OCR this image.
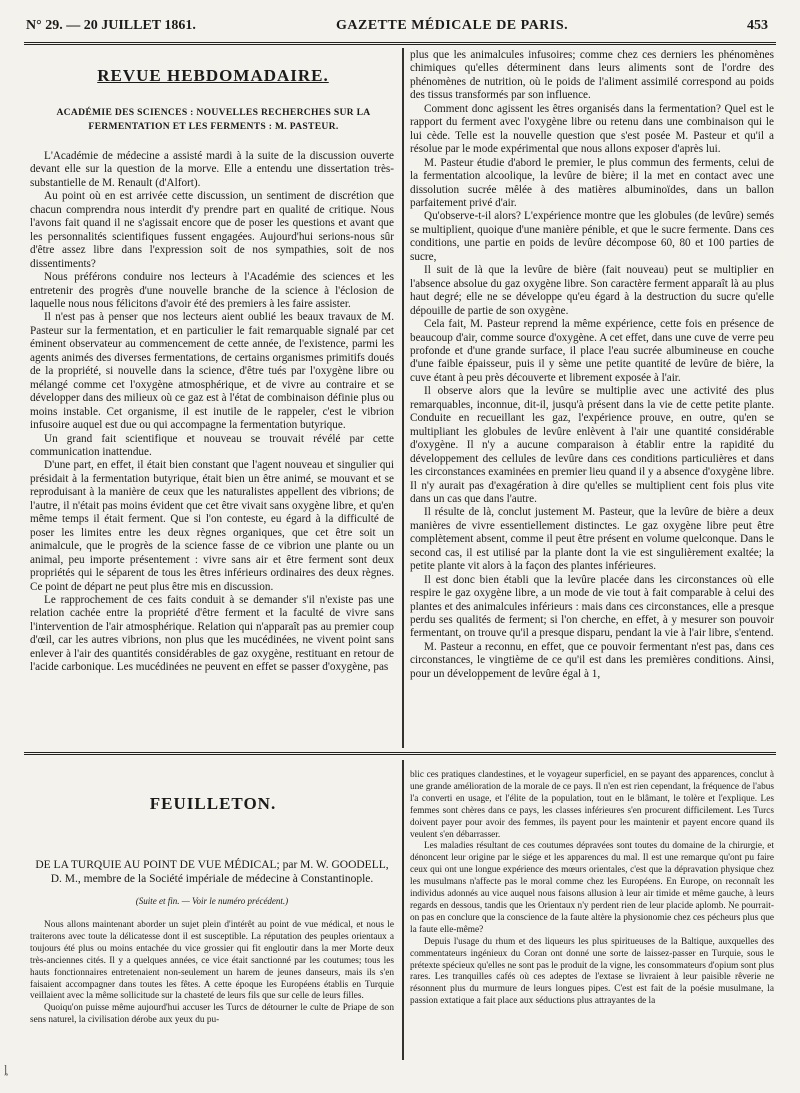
N° 29. — 20 JUILLET 1861.	GAZETTE MÉDICALE DE PARIS.	453
REVUE HEBDOMADAIRE.
ACADÉMIE DES SCIENCES : NOUVELLES RECHERCHES SUR LA FERMENTATION ET LES FERMENTS : M. PASTEUR.

L'Académie de médecine a assisté mardi à la suite de la discussion ouverte devant elle sur la question de la morve. Elle a entendu une dissertation très-substantielle de M. Renault (d'Alfort).

Au point où en est arrivée cette discussion, un sentiment de discrétion que chacun comprendra nous interdit d'y prendre part en qualité de critique. Nous l'avons fait quand il ne s'agissait encore que de poser les questions et avant que les personnalités scientifiques fussent engagées. Aujourd'hui serions-nous sûr d'être assez libre dans l'expression soit de nos sympathies, soit de nos dissentiments?

Nous préférons conduire nos lecteurs à l'Académie des sciences et les entretenir des progrès d'une nouvelle branche de la science à l'éclosion de laquelle nous nous félicitons d'avoir été des premiers à les faire assister.

Il n'est pas à penser que nos lecteurs aient oublié les beaux travaux de M. Pasteur sur la fermentation, et en particulier le fait remarquable signalé par cet éminent observateur au commencement de cette année, de l'existence, parmi les agents animés des diverses fermentations, de certains organismes primitifs doués de la propriété, si nouvelle dans la science, d'être tués par l'oxygène libre ou mélangé comme cet l'oxygène atmosphérique, et de vivre au contraire et se développer dans des milieux où ce gaz est à l'état de combinaison définie plus ou moins instable. Cet organisme, il est inutile de le rappeler, c'est le vibrion infusoire auquel est due ou qui accompagne la fermentation butyrique.

Un grand fait scientifique et nouveau se trouvait révélé par cette communication inattendue.

D'une part, en effet, il était bien constant que l'agent nouveau et singulier qui présidait à la fermentation butyrique, était bien un être animé, se mouvant et se reproduisant à la manière de ceux que les naturalistes appellent des vibrions; de l'autre, il n'était pas moins évident que cet être vivait sans oxygène libre, et qu'en même temps il était ferment. Que si l'on conteste, eu égard à la difficulté de poser les limites entre les deux règnes organiques, que cet être soit un animalcule, que le progrès de la science fasse de ce vibrion une plante ou un animal, peu importe présentement : vivre sans air et être ferment sont deux propriétés qui le séparent de tous les êtres inférieurs ordinaires des deux règnes. Ce point de départ ne peut plus être mis en discussion.

Le rapprochement de ces faits conduit à se demander s'il n'existe pas une relation cachée entre la propriété d'être ferment et la faculté de vivre sans l'intervention de l'air atmosphérique. Relation qui n'apparaît pas au premier coup d'œil, car les autres vibrions, non plus que les mucédinées, ne vivent point sans enlever à l'air des quantités considérables de gaz oxygène, restituant en retour de l'acide carbonique. Les mucédinées ne peuvent en effet se passer d'oxygène, pas

plus que les animalcules infusoires; comme chez ces derniers les phénomènes chimiques qu'elles déterminent dans leurs aliments sont de l'ordre des phénomènes de nutrition, où le poids de l'aliment assimilé correspond au poids des tissus transformés par son influence.

Comment donc agissent les êtres organisés dans la fermentation? Quel est le rapport du ferment avec l'oxygène libre ou retenu dans une combinaison qui le lui cède. Telle est la nouvelle question que s'est posée M. Pasteur et qu'il a résolue par le mode expérimental que nous allons exposer d'après lui.

M. Pasteur étudie d'abord le premier, le plus commun des ferments, celui de la fermentation alcoolique, la levûre de bière; il la met en contact avec une dissolution sucrée mêlée à des matières albuminoïdes, dans un ballon parfaitement privé d'air.

Qu'observe-t-il alors? L'expérience montre que les globules (de levûre) semés se multiplient, quoique d'une manière pénible, et que le sucre fermente. Dans ces conditions, une partie en poids de levûre décompose 60, 80 et 100 parties de sucre,

Il suit de là que la levûre de bière (fait nouveau) peut se multiplier en l'absence absolue du gaz oxygène libre. Son caractère ferment apparaît là au plus haut degré; elle ne se développe qu'eu égard à la destruction du sucre qu'elle dépouille de partie de son oxygène.

Cela fait, M. Pasteur reprend la même expérience, cette fois en présence de beaucoup d'air, comme source d'oxygène. A cet effet, dans une cuve de verre peu profonde et d'une grande surface, il place l'eau sucrée albumineuse en couche d'une faible épaisseur, puis il y sème une petite quantité de levûre de bière, la cuve étant à peu près découverte et librement exposée à l'air.

Il observe alors que la levûre se multiplie avec une activité des plus remarquables, inconnue, dit-il, jusqu'à présent dans la vie de cette petite plante. Conduite en recueillant les gaz, l'expérience prouve, en outre, qu'en se multipliant les globules de levûre enlèvent à l'air une quantité considérable d'oxygène. Il n'y a aucune comparaison à établir entre la rapidité du développement des cellules de levûre dans ces conditions particulières et dans les circonstances examinées en premier lieu quand il y a absence d'oxygène libre. Il n'y aurait pas d'exagération à dire qu'elles se multiplient cent fois plus vite dans un cas que dans l'autre.

Il résulte de là, conclut justement M. Pasteur, que la levûre de bière a deux manières de vivre essentiellement distinctes. Le gaz oxygène libre peut être complètement absent, comme il peut être présent en volume quelconque. Dans le second cas, il est utilisé par la plante dont la vie est singulièrement exaltée; la petite plante vit alors à la façon des plantes inférieures.

Il est donc bien établi que la levûre placée dans les circonstances où elle respire le gaz oxygène libre, a un mode de vie tout à fait comparable à celui des plantes et des animalcules inférieurs : mais dans ces circonstances, elle a presque perdu ses qualités de ferment; si l'on cherche, en effet, à y mesurer son pouvoir fermentant, on trouve qu'il a presque disparu, pendant la vie à l'air libre, s'entend.

M. Pasteur a reconnu, en effet, que ce pouvoir fermentant n'est pas, dans ces circonstances, le vingtième de ce qu'il est dans les premières conditions. Ainsi, pour un développement de levûre égal à 1,

FEUILLETON.
DE LA TURQUIE AU POINT DE VUE MÉDICAL; par M. W. GOODELL, D. M., membre de la Société impériale de médecine à Constantinople.
(Suite et fin. — Voir le numéro précédent.)

Nous allons maintenant aborder un sujet plein d'intérêt au point de vue médical, et nous le traiterons avec toute la délicatesse dont il est susceptible. La réputation des peuples orientaux a toujours été plus ou moins entachée du vice grossier qui fit engloutir dans la mer Morte deux très-anciennes cités. Il y a quelques années, ce vice était sanctionné par les coutumes; tous les hauts fonctionnaires entretenaient non-seulement un harem de jeunes danseurs, mais ils s'en faisaient accompagner dans toutes les fêtes. A cette époque les Européens établis en Turquie veillaient avec la même sollicitude sur la chasteté de leurs fils que sur celle de leurs filles.

Quoiqu'on puisse même aujourd'hui accuser les Turcs de détourner le culte de Priape de son sens naturel, la civilisation dérobe aux yeux du pu-

blic ces pratiques clandestines, et le voyageur superficiel, en se payant des apparences, conclut à une grande amélioration de la morale de ce pays. Il n'en est rien cependant, la fréquence de l'abus l'a converti en usage, et l'élite de la population, tout en le blâmant, le tolère et l'explique. Les femmes sont chères dans ce pays, les classes inférieures s'en procurent difficilement. Les Turcs doivent payer pour avoir des femmes, ils payent pour les maintenir et payent encore quand ils veulent s'en débarrasser.

Les maladies résultant de ces coutumes dépravées sont toutes du domaine de la chirurgie, et dénoncent leur origine par le siége et les apparences du mal. Il est une remarque qu'ont pu faire ceux qui ont une longue expérience des mœurs orientales, c'est que la dépravation physique chez les musulmans n'affecte pas le moral comme chez les Européens. En Europe, on reconnaît les individus adonnés au vice auquel nous faisons allusion à leur air timide et même gauche, à leurs regards en dessous, tandis que les Orientaux n'y perdent rien de leur placide aplomb. Ne pourrait-on pas en conclure que la conscience de la faute altère la physionomie chez ces pécheurs plus que la faute elle-même?

Depuis l'usage du rhum et des liqueurs les plus spiritueuses de la Baltique, auxquelles des commentateurs ingénieux du Coran ont donné une sorte de laissez-passer en Turquie, sous le prétexte spécieux qu'elles ne sont pas le produit de la vigne, les consommateurs d'opium sont plus rares. Les tranquilles cafés où ces adeptes de l'extase se livraient à leur paisible rêverie ne résonnent plus du murmure de leurs longues pipes. C'est est fait de la poésie musulmane, la passion extatique a fait place aux séductions plus attrayantes de la

ȴ
